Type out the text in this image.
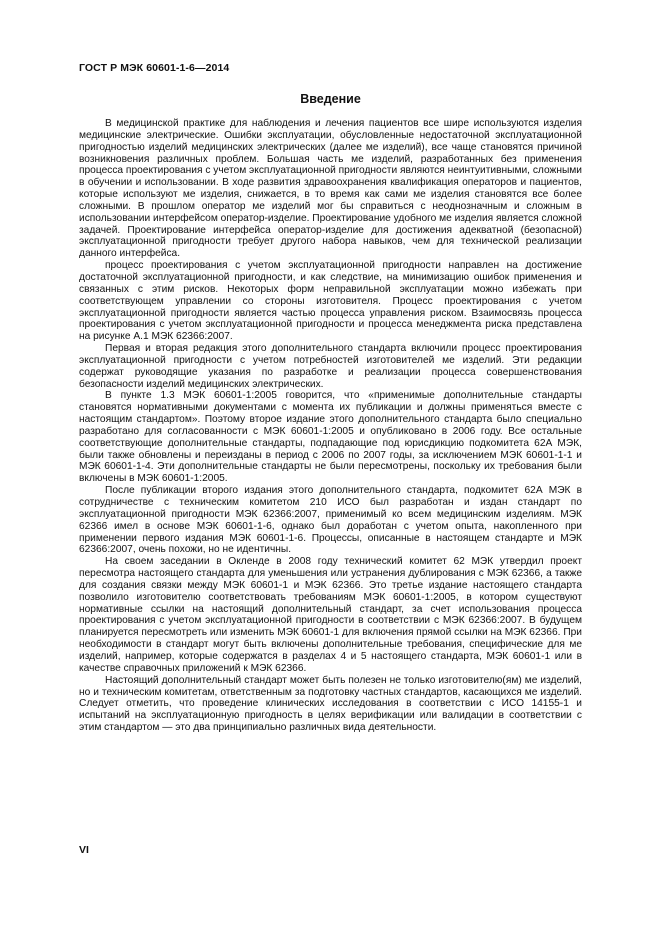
ГОСТ Р МЭК 60601-1-6—2014
Введение

В медицинской практике для наблюдения и лечения пациентов все шире используются изделия медицинские электрические. Ошибки эксплуатации, обусловленные недостаточной эксплуатационной пригодностью изделий медицинских электрических (далее ме изделий), все чаще становятся причиной возникновения различных проблем. Большая часть ме изделий, разработанных без применения процесса проектирования с учетом эксплуатационной пригодности являются неинтуитивными, сложными в обучении и использовании. В ходе развития здравоохранения квалификация операторов и пациентов, которые используют ме изделия, снижается, в то время как сами ме изделия становятся все более сложными. В прошлом оператор ме изделий мог бы справиться с неоднозначным и сложным в использовании интерфейсом оператор-изделие. Проектирование удобного ме изделия является сложной задачей. Проектирование интерфейса оператор-изделие для достижения адекватной (безопасной) эксплуатационной пригодности требует другого набора навыков, чем для технической реализации данного интерфейса.

процесс проектирования с учетом эксплуатационной пригодности направлен на достижение достаточной эксплуатационной пригодности, и как следствие, на минимизацию ошибок применения и связанных с этим рисков. Некоторых форм неправильной эксплуатации можно избежать при соответствующем управлении со стороны изготовителя. Процесс проектирования с учетом эксплуатационной пригодности является частью процесса управления риском. Взаимосвязь процесса проектирования с учетом эксплуатационной пригодности и процесса менеджмента риска представлена на рисунке А.1 МЭК 62366:2007.

Первая и вторая редакция этого дополнительного стандарта включили процесс проектирования эксплуатационной пригодности с учетом потребностей изготовителей ме изделий. Эти редакции содержат руководящие указания по разработке и реализации процесса совершенствования безопасности изделий медицинских электрических.

В пункте 1.3 МЭК 60601-1:2005 говорится, что «применимые дополнительные стандарты становятся нормативными документами с момента их публикации и должны применяться вместе с настоящим стандартом». Поэтому второе издание этого дополнительного стандарта было специально разработано для согласованности с МЭК 60601-1:2005 и опубликовано в 2006 году. Все остальные соответствующие дополнительные стандарты, подпадающие под юрисдикцию подкомитета 62А МЭК, были также обновлены и переизданы в период с 2006 по 2007 годы, за исключением МЭК 60601-1-1 и МЭК 60601-1-4. Эти дополнительные стандарты не были пересмотрены, поскольку их требования были включены в МЭК 60601-1:2005.

После публикации второго издания этого дополнительного стандарта, подкомитет 62А МЭК в сотрудничестве с техническим комитетом 210 ИСО был разработан и издан стандарт по эксплуатационной пригодности МЭК 62366:2007, применимый ко всем медицинским изделиям. МЭК 62366 имел в основе МЭК 60601-1-6, однако был доработан с учетом опыта, накопленного при применении первого издания МЭК 60601-1-6. Процессы, описанные в настоящем стандарте и МЭК 62366:2007, очень похожи, но не идентичны.

На своем заседании в Окленде в 2008 году технический комитет 62 МЭК утвердил проект пересмотра настоящего стандарта для уменьшения или устранения дублирования с МЭК 62366, а также для создания связки между МЭК 60601-1 и МЭК 62366. Это третье издание настоящего стандарта позволило изготовителю соответствовать требованиям МЭК 60601-1:2005, в котором существуют нормативные ссылки на настоящий дополнительный стандарт, за счет использования процесса проектирования с учетом эксплуатационной пригодности в соответствии с МЭК 62366:2007. В будущем планируется пересмотреть или изменить МЭК 60601-1 для включения прямой ссылки на МЭК 62366. При необходимости в стандарт могут быть включены дополнительные требования, специфические для ме изделий, например, которые содержатся в разделах 4 и 5 настоящего стандарта, МЭК 60601-1 или в качестве справочных приложений к МЭК 62366.

Настоящий дополнительный стандарт может быть полезен не только изготовителю(ям) ме изделий, но и техническим комитетам, ответственным за подготовку частных стандартов, касающихся ме изделий. Следует отметить, что проведение клинических исследования в соответствии с ИСО 14155-1 и испытаний на эксплуатационную пригодность в целях верификации или валидации в соответствии с этим стандартом — это два принципиально различных вида деятельности.

VI
